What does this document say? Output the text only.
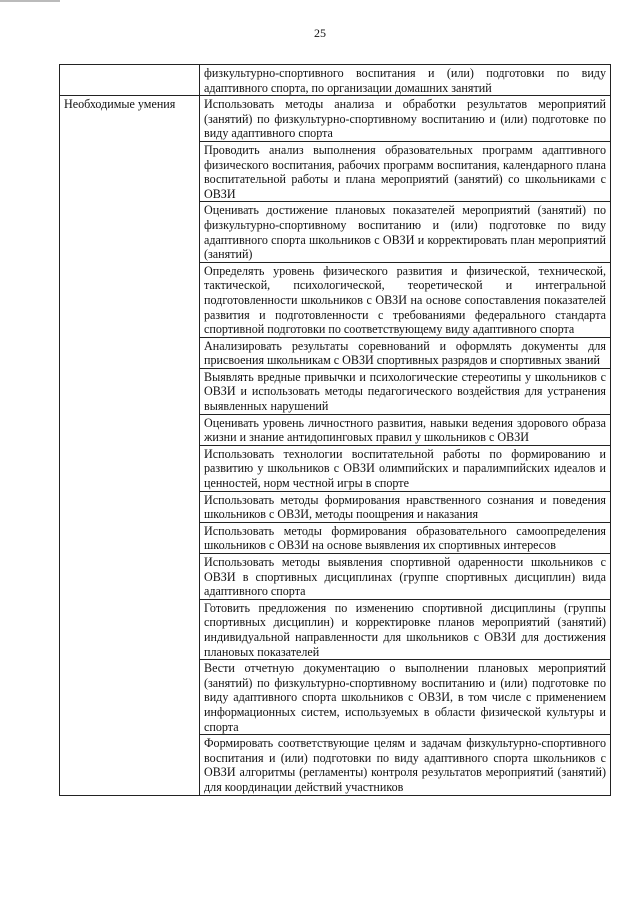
25
	физкультурно-спортивного воспитания и (или) подготовки по виду адаптивного спорта, по организации домашних занятий
Необходимые умения	Использовать методы анализа и обработки результатов мероприятий (занятий) по физкультурно-спортивному воспитанию и (или) подготовке по виду адаптивного спорта
	Проводить анализ выполнения образовательных программ адаптивного физического воспитания, рабочих программ воспитания, календарного плана воспитательной работы и плана мероприятий (занятий) со школьниками с ОВЗИ
	Оценивать достижение плановых показателей мероприятий (занятий) по физкультурно-спортивному воспитанию и (или) подготовке по виду адаптивного спорта школьников с ОВЗИ и корректировать план мероприятий (занятий)
	Определять уровень физического развития и физической, технической, тактической, психологической, теоретической и интегральной подготовленности школьников с ОВЗИ на основе сопоставления показателей развития и подготовленности с требованиями федерального стандарта спортивной подготовки по соответствующему виду адаптивного спорта
	Анализировать результаты соревнований и оформлять документы для присвоения школьникам с ОВЗИ спортивных разрядов и спортивных званий
	Выявлять вредные привычки и психологические стереотипы у школьников с ОВЗИ и использовать методы педагогического воздействия для устранения выявленных нарушений
	Оценивать уровень личностного развития, навыки ведения здорового образа жизни и знание антидопинговых правил у школьников с ОВЗИ
	Использовать технологии воспитательной работы по формированию и развитию у школьников с ОВЗИ олимпийских и паралимпийских идеалов и ценностей, норм честной игры в спорте
	Использовать методы формирования нравственного сознания и поведения школьников с ОВЗИ, методы поощрения и наказания
	Использовать методы формирования образовательного самоопределения школьников с ОВЗИ на основе выявления их спортивных интересов
	Использовать методы выявления спортивной одаренности школьников с ОВЗИ в спортивных дисциплинах (группе спортивных дисциплин) вида адаптивного спорта
	Готовить предложения по изменению спортивной дисциплины (группы спортивных дисциплин) и корректировке планов мероприятий (занятий) индивидуальной направленности для школьников с ОВЗИ для достижения плановых показателей
	Вести отчетную документацию о выполнении плановых мероприятий (занятий) по физкультурно-спортивному воспитанию и (или) подготовке по виду адаптивного спорта школьников с ОВЗИ, в том числе с применением информационных систем, используемых в области физической культуры и спорта
	Формировать соответствующие целям и задачам физкультурно-спортивного воспитания и (или) подготовки по виду адаптивного спорта школьников с ОВЗИ алгоритмы (регламенты) контроля результатов мероприятий (занятий) для координации действий участников
